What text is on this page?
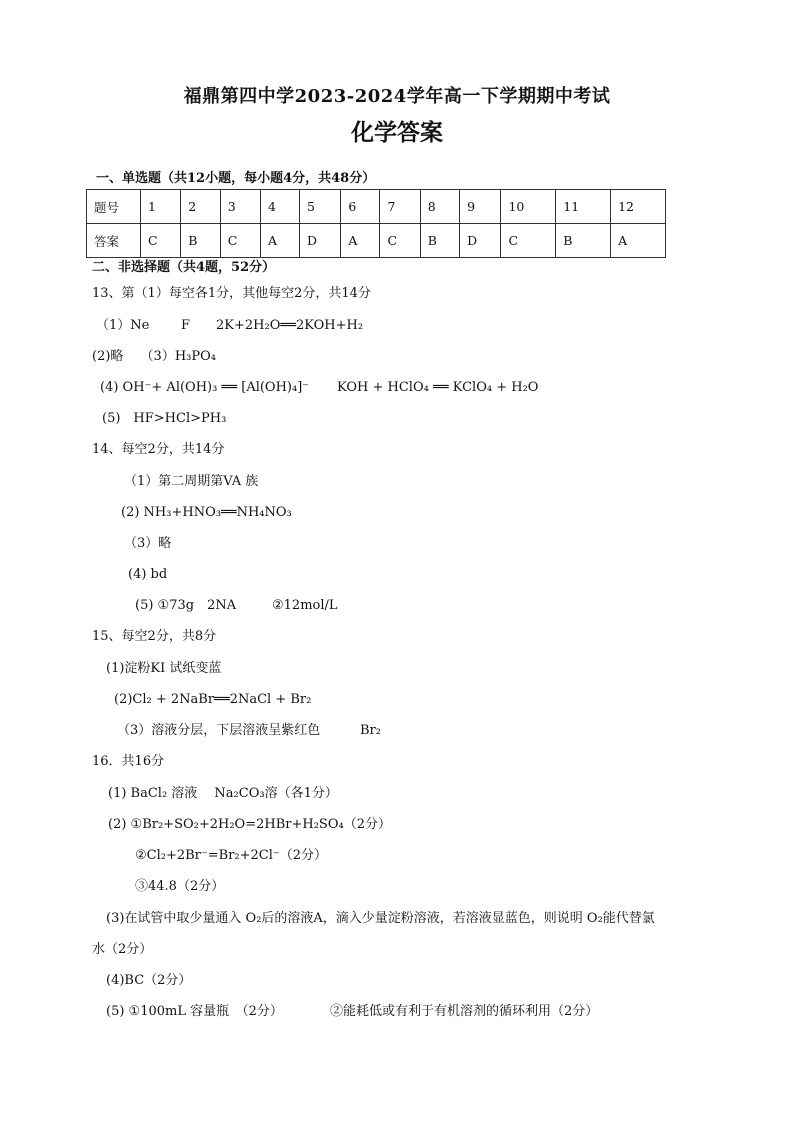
福鼎第四中学2023-2024学年高一下学期期中考试
化学答案
一、单选题（共12小题，每小题4分，共48分）
题号	1	2	3	4	5	6	7	8	9	10	11	12
答案	C	B	C	A	D	A	C	B	D	C	B	A
二、非选择题（共4题，52分）
13、第（1）每空各1分，其他每空2分，共14分
（1）Ne F 2K+2H₂O══2KOH+H₂
(2)略　 （3）H₃PO₄
(4) OH⁻+ Al(OH)₃ ══ [Al(OH)₄]⁻ KOH + HClO₄ ══ KClO₄ + H₂O
(5)　HF>HCl>PH₃
14、每空2分，共14分
（1）第二周期第VA 族
(2) NH₃+HNO₃══NH₄NO₃
（3）略
(4) bd
(5) ①73g　2NA	②12mol/L
15、每空2分，共8分
(1)淀粉KI 试纸变蓝
(2)Cl₂ + 2NaBr══2NaCl + Br₂
（3）溶液分层，下层溶液呈紫红色	Br₂
16．共16分
(1) BaCl₂ 溶液　 Na₂CO₃溶（各1分）
(2) ①Br₂+SO₂+2H₂O=2HBr+H₂SO₄（2分）
②Cl₂+2Br⁻=Br₂+2Cl⁻（2分）
③44.8（2分）
(3)在试管中取少量通入 O₂后的溶液A，滴入少量淀粉溶液，若溶液显蓝色，则说明 O₂能代替氯
水（2分）
(4)BC（2分）
(5) ①100mL 容量瓶　（2分）	②能耗低或有利于有机溶剂的循环利用（2分）
